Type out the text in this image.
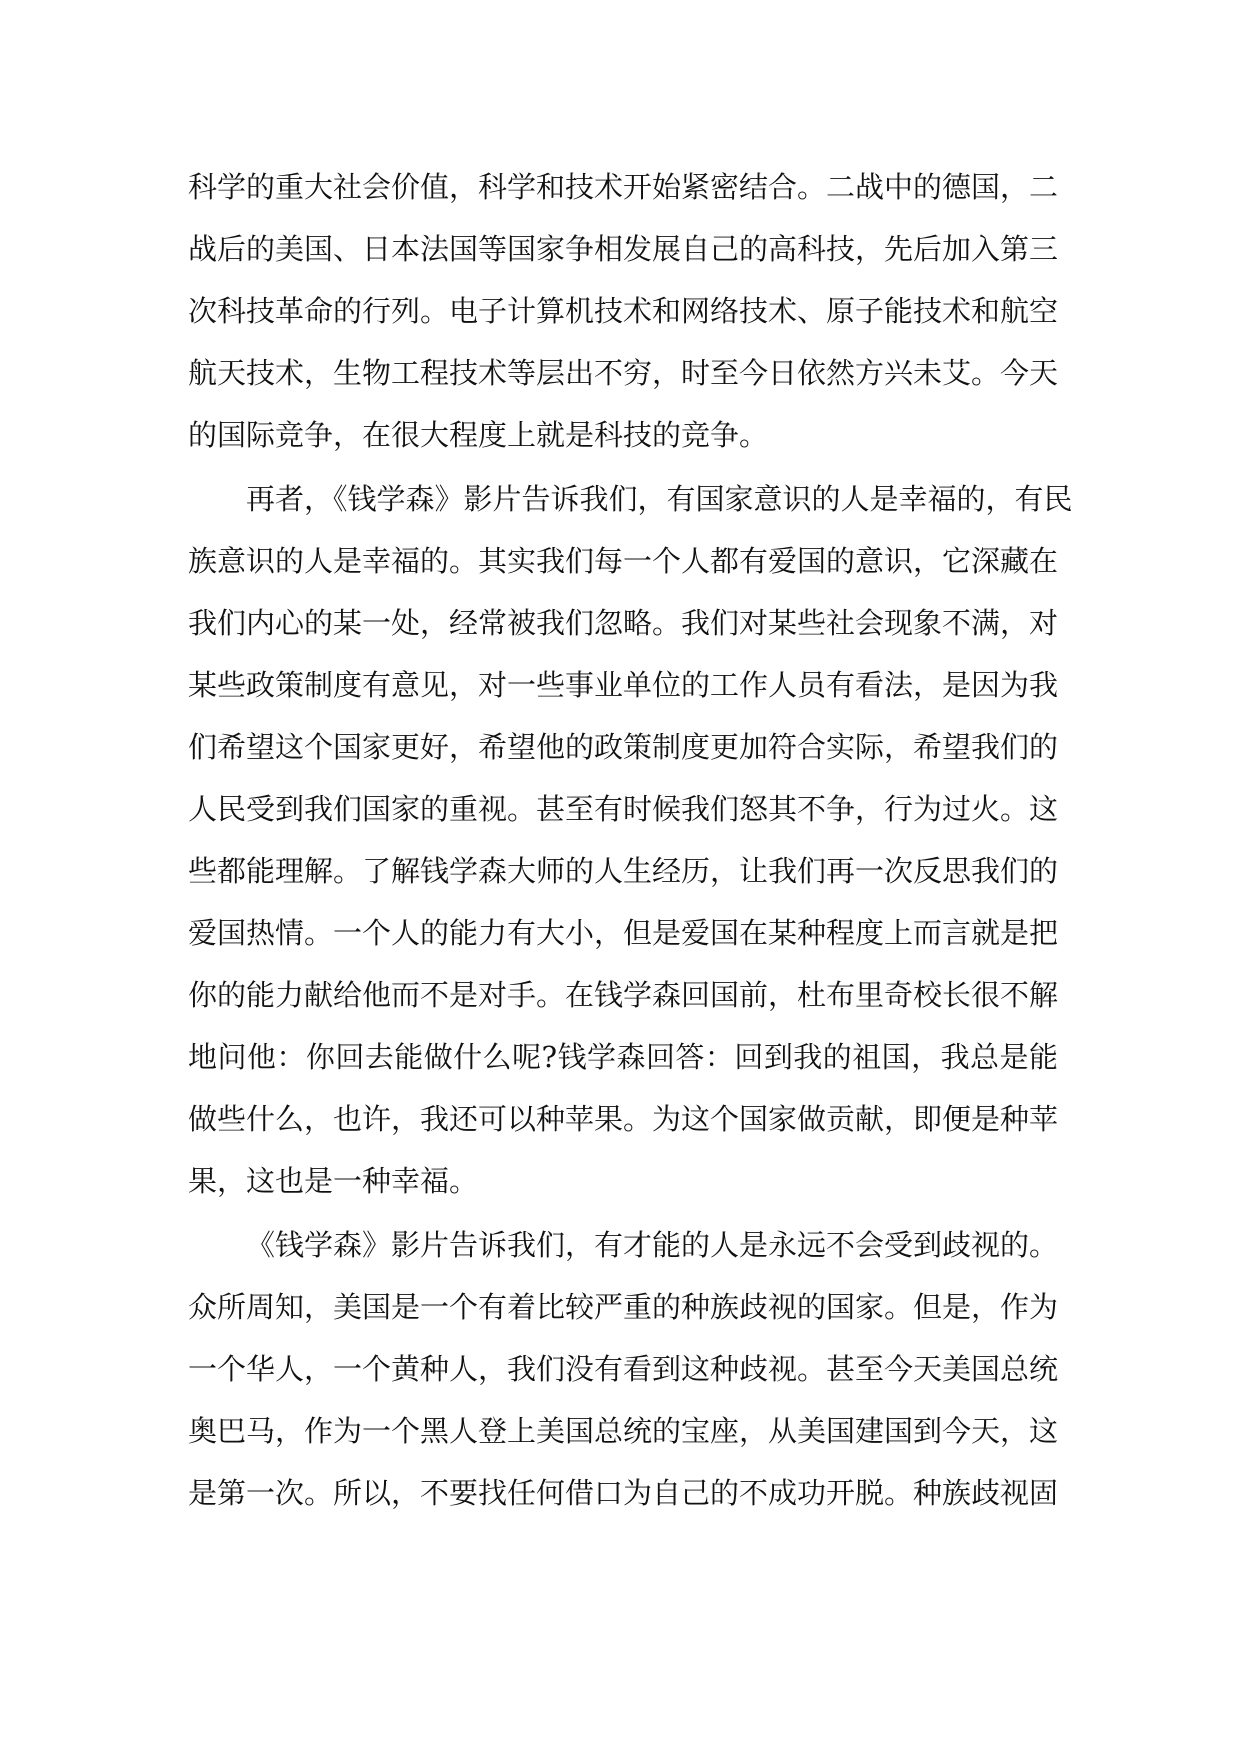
科学的重大社会价值，科学和技术开始紧密结合。二战中的德国，二
战后的美国、日本法国等国家争相发展自己的高科技，先后加入第三
次科技革命的行列。电子计算机技术和网络技术、原子能技术和航空
航天技术，生物工程技术等层出不穷，时至今日依然方兴未艾。今天
的国际竞争，在很大程度上就是科技的竞争。
再者，《钱学森》影片告诉我们，有国家意识的人是幸福的，有民
族意识的人是幸福的。其实我们每一个人都有爱国的意识，它深藏在
我们内心的某一处，经常被我们忽略。我们对某些社会现象不满，对
某些政策制度有意见，对一些事业单位的工作人员有看法，是因为我
们希望这个国家更好，希望他的政策制度更加符合实际，希望我们的
人民受到我们国家的重视。甚至有时候我们怒其不争，行为过火。这
些都能理解。了解钱学森大师的人生经历，让我们再一次反思我们的
爱国热情。一个人的能力有大小，但是爱国在某种程度上而言就是把
你的能力献给他而不是对手。在钱学森回国前，杜布里奇校长很不解
地问他：你回去能做什么呢?钱学森回答：回到我的祖国，我总是能
做些什么，也许，我还可以种苹果。为这个国家做贡献，即便是种苹
果，这也是一种幸福。
《钱学森》影片告诉我们，有才能的人是永远不会受到歧视的。
众所周知，美国是一个有着比较严重的种族歧视的国家。但是，作为
一个华人，一个黄种人，我们没有看到这种歧视。甚至今天美国总统
奥巴马，作为一个黑人登上美国总统的宝座，从美国建国到今天，这
是第一次。所以，不要找任何借口为自己的不成功开脱。种族歧视固
